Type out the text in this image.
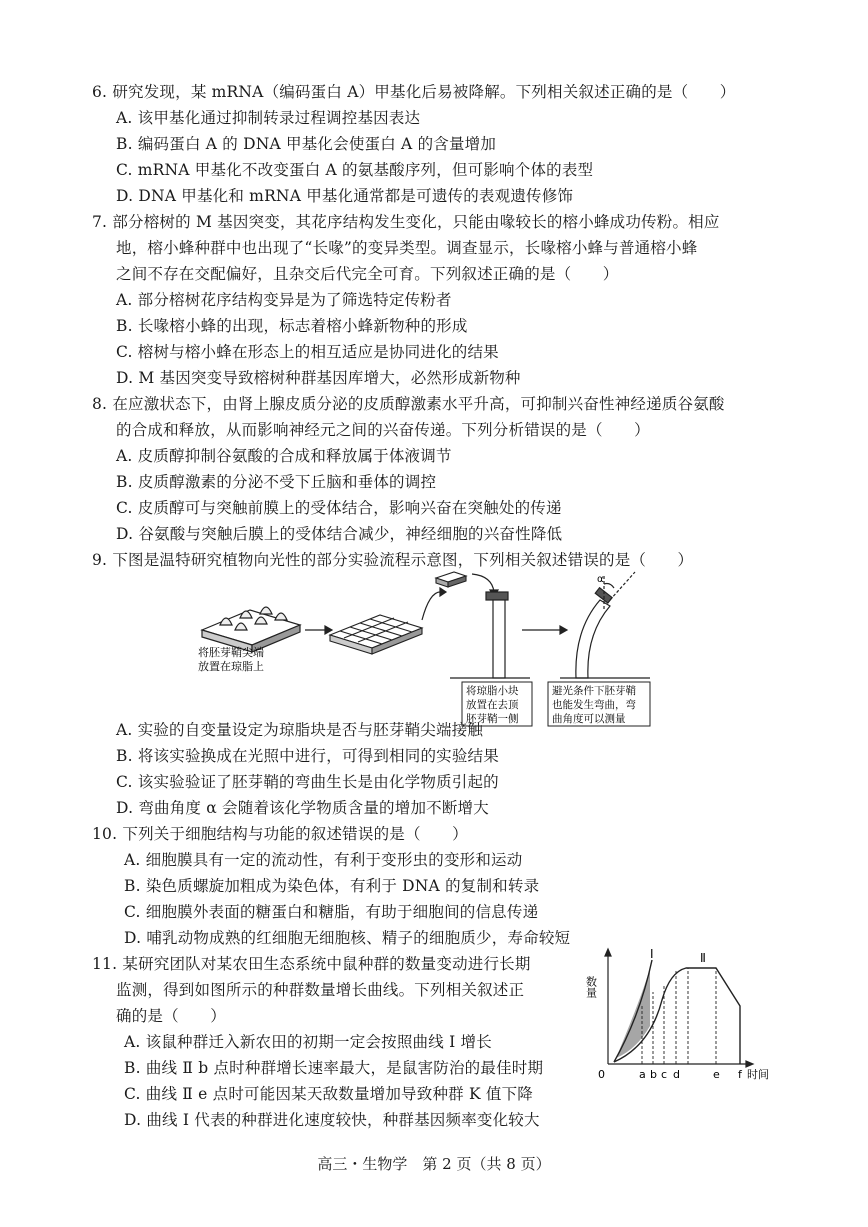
6. 研究发现，某 mRNA（编码蛋白 A）甲基化后易被降解。下列相关叙述正确的是（　　）
A. 该甲基化通过抑制转录过程调控基因表达
B. 编码蛋白 A 的 DNA 甲基化会使蛋白 A 的含量增加
C. mRNA 甲基化不改变蛋白 A 的氨基酸序列，但可影响个体的表型
D. DNA 甲基化和 mRNA 甲基化通常都是可遗传的表观遗传修饰
7. 部分榕树的 M 基因突变，其花序结构发生变化，只能由喙较长的榕小蜂成功传粉。相应
地，榕小蜂种群中也出现了“长喙”的变异类型。调查显示，长喙榕小蜂与普通榕小蜂
之间不存在交配偏好，且杂交后代完全可育。下列叙述正确的是（　　）
A. 部分榕树花序结构变异是为了筛选特定传粉者
B. 长喙榕小蜂的出现，标志着榕小蜂新物种的形成
C. 榕树与榕小蜂在形态上的相互适应是协同进化的结果
D. M 基因突变导致榕树种群基因库增大，必然形成新物种
8. 在应激状态下，由肾上腺皮质分泌的皮质醇激素水平升高，可抑制兴奋性神经递质谷氨酸
的合成和释放，从而影响神经元之间的兴奋传递。下列分析错误的是（　　）
A. 皮质醇抑制谷氨酸的合成和释放属于体液调节
B. 皮质醇激素的分泌不受下丘脑和垂体的调控
C. 皮质醇可与突触前膜上的受体结合，影响兴奋在突触处的传递
D. 谷氨酸与突触后膜上的受体结合减少，神经细胞的兴奋性降低
9. 下图是温特研究植物向光性的部分实验流程示意图，下列相关叙述错误的是（　　）
将胚芽鞘尖端
放置在琼脂上
将琼脂小块
放置在去顶
胚芽鞘一侧
α
避光条件下胚芽鞘
也能发生弯曲，弯
曲角度可以测量
A. 实验的自变量设定为琼脂块是否与胚芽鞘尖端接触
B. 将该实验换成在光照中进行，可得到相同的实验结果
C. 该实验验证了胚芽鞘的弯曲生长是由化学物质引起的
D. 弯曲角度 α 会随着该化学物质含量的增加不断增大
10. 下列关于细胞结构与功能的叙述错误的是（　　）
A. 细胞膜具有一定的流动性，有利于变形虫的变形和运动
B. 染色质螺旋加粗成为染色体，有利于 DNA 的复制和转录
C. 细胞膜外表面的糖蛋白和糖脂，有助于细胞间的信息传递
D. 哺乳动物成熟的红细胞无细胞核、精子的细胞质少，寿命较短
11. 某研究团队对某农田生态系统中鼠种群的数量变动进行长期
监测，得到如图所示的种群数量增长曲线。下列相关叙述正
确的是（　　）
A. 该鼠种群迁入新农田的初期一定会按照曲线 Ⅰ 增长
B. 曲线 Ⅱ b 点时种群增长速率最大，是鼠害防治的最佳时期
C. 曲线 Ⅱ e 点时可能因某天敌数量增加导致种群 K 值下降
D. 曲线 Ⅰ 代表的种群进化速度较快，种群基因频率变化较大
数量
0
Ⅰ	Ⅱ
a b c d	e f 时间
高三・生物学　第 2 页（共 8 页）
